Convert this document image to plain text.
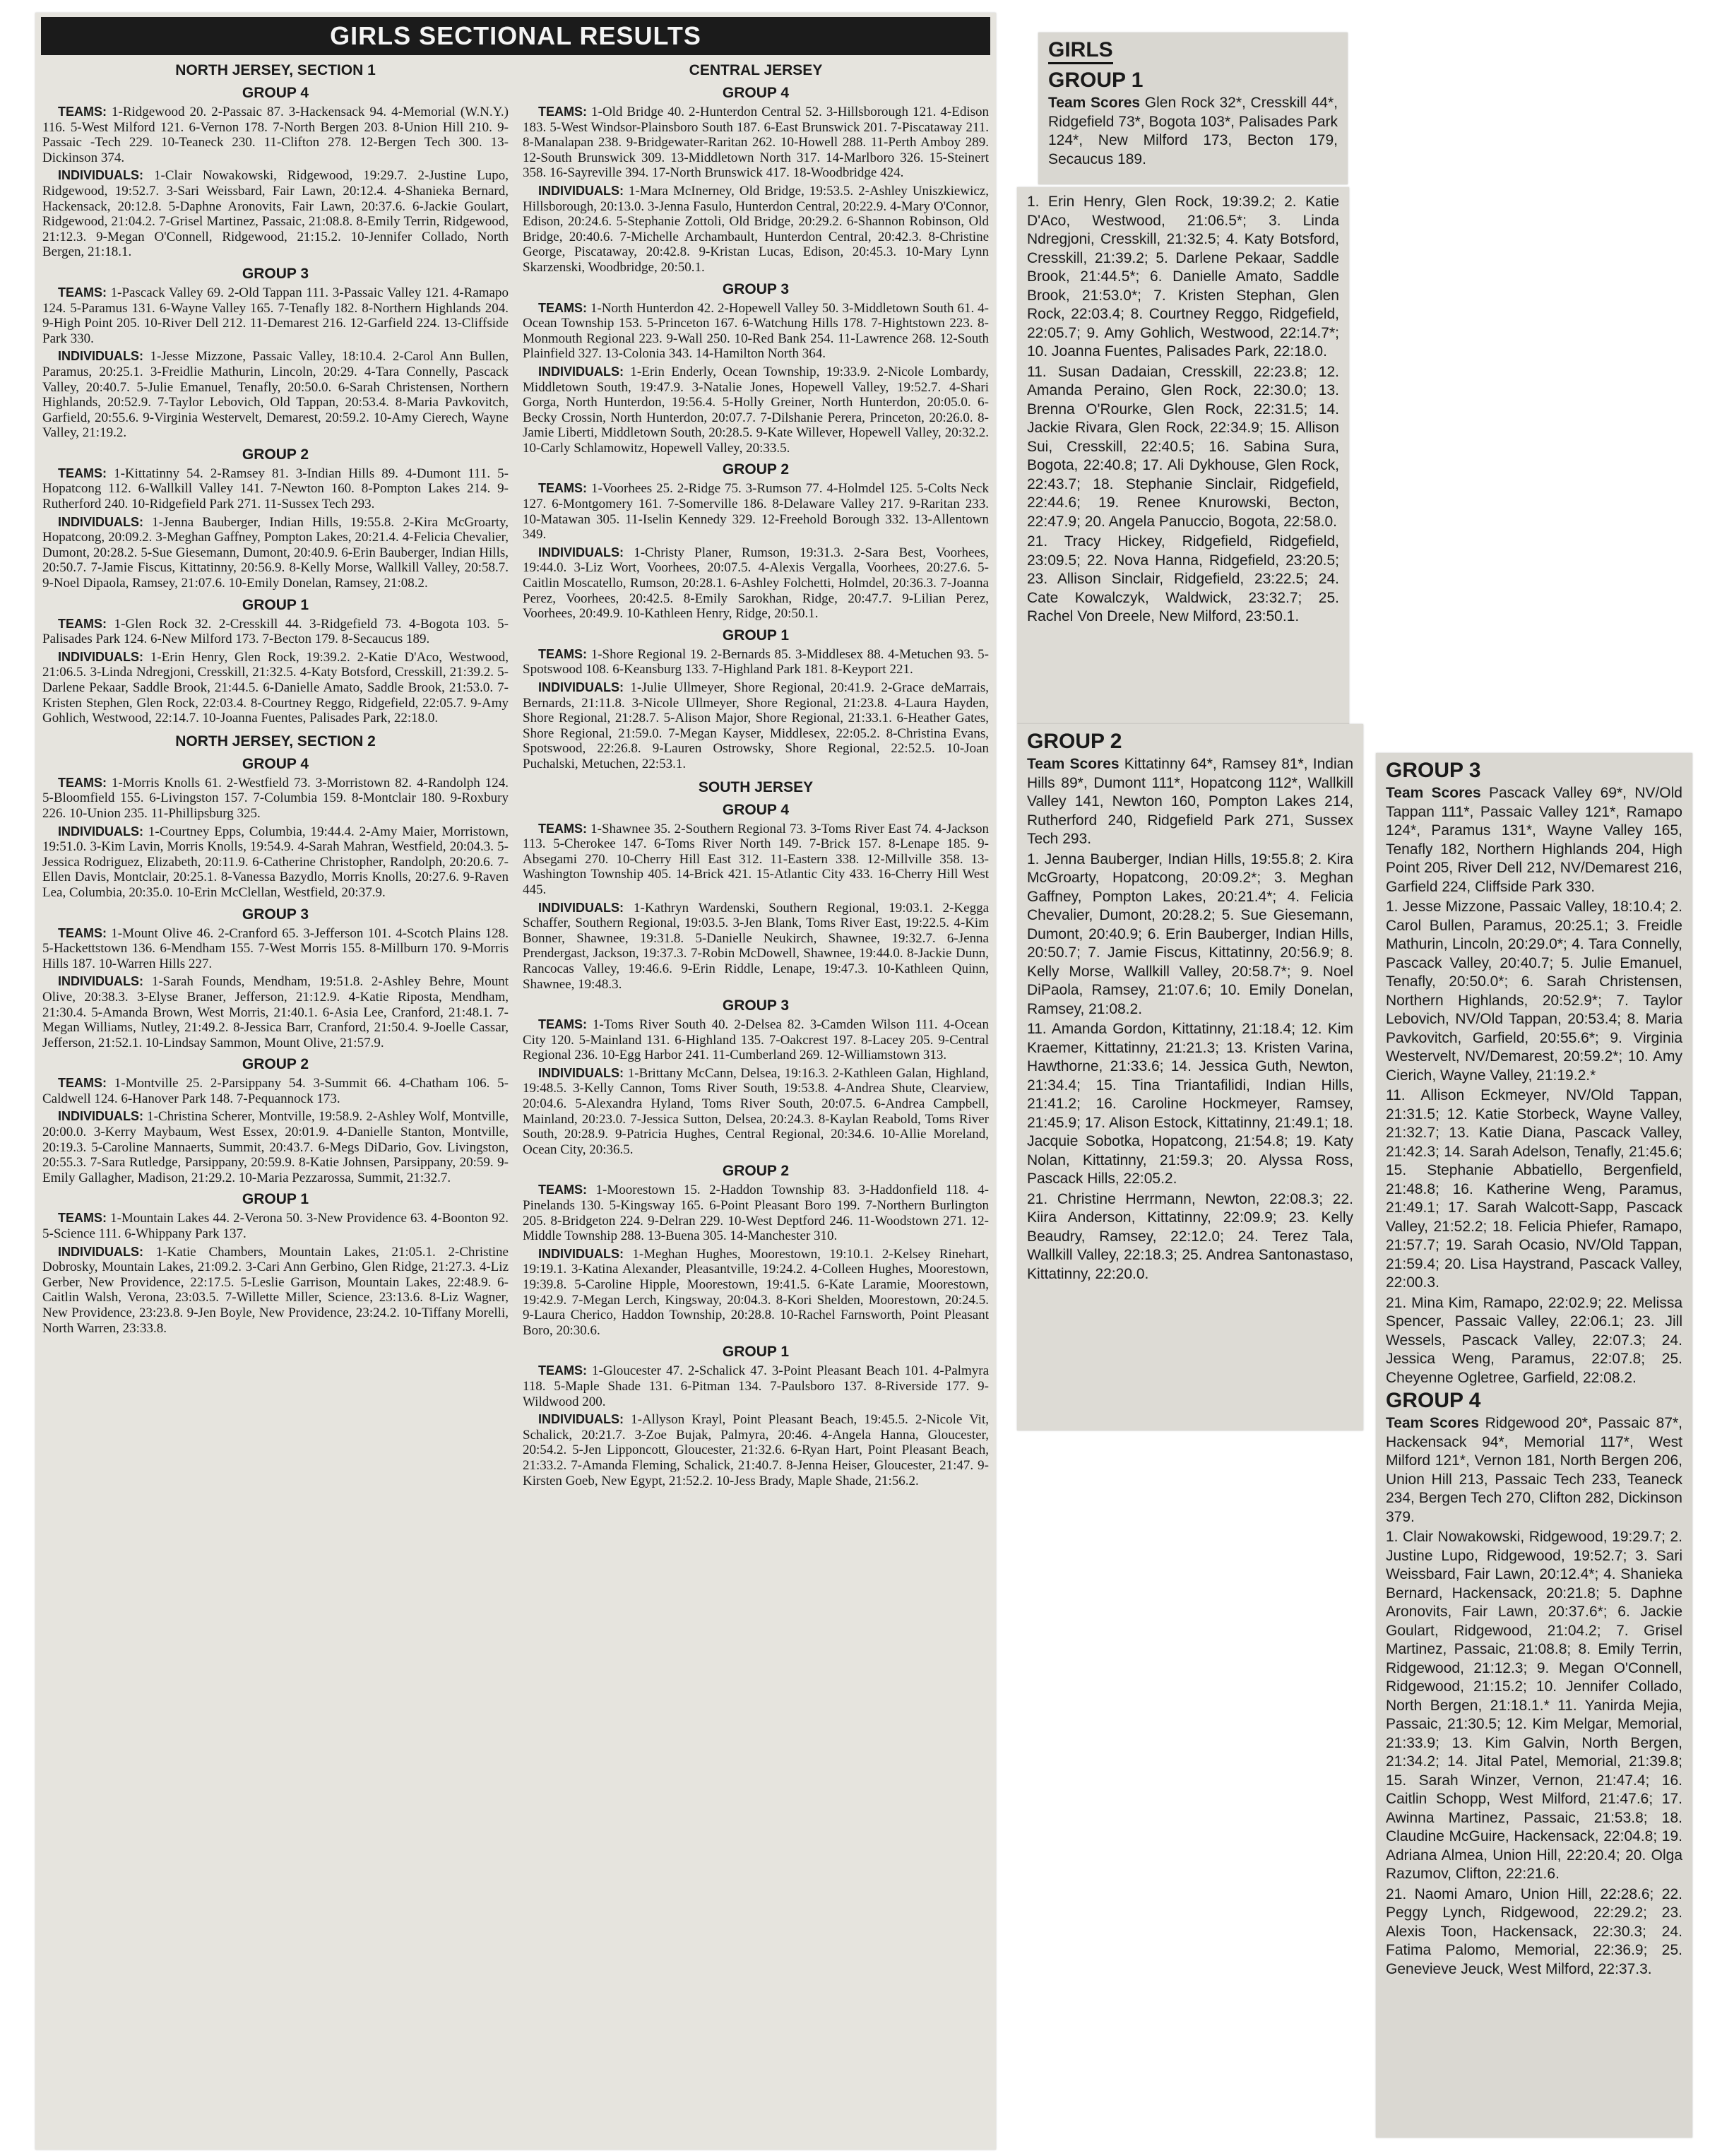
GIRLS SECTIONAL RESULTS
NORTH JERSEY, SECTION 1
GROUP 4

TEAMS: 1-Ridgewood 20. 2-Passaic 87. 3-Hackensack 94. 4-Memorial (W.N.Y.) 116. 5-West Milford 121. 6-Vernon 178. 7-North Bergen 203. 8-Union Hill 210. 9-Passaic -Tech 229. 10-Teaneck 230. 11-Clifton 278. 12-Bergen Tech 300. 13-Dickinson 374.

INDIVIDUALS: 1-Clair Nowakowski, Ridgewood, 19:29.7. 2-Justine Lupo, Ridgewood, 19:52.7. 3-Sari Weissbard, Fair Lawn, 20:12.4. 4-Shanieka Bernard, Hackensack, 20:12.8. 5-Daphne Aronovits, Fair Lawn, 20:37.6. 6-Jackie Goulart, Ridgewood, 21:04.2. 7-Grisel Martinez, Passaic, 21:08.8. 8-Emily Terrin, Ridgewood, 21:12.3. 9-Megan O'Connell, Ridgewood, 21:15.2. 10-Jennifer Collado, North Bergen, 21:18.1.

GROUP 3

TEAMS: 1-Pascack Valley 69. 2-Old Tappan 111. 3-Passaic Valley 121. 4-Ramapo 124. 5-Paramus 131. 6-Wayne Valley 165. 7-Tenafly 182. 8-Northern Highlands 204. 9-High Point 205. 10-River Dell 212. 11-Demarest 216. 12-Garfield 224. 13-Cliffside Park 330.

INDIVIDUALS: 1-Jesse Mizzone, Passaic Valley, 18:10.4. 2-Carol Ann Bullen, Paramus, 20:25.1. 3-Freidlie Mathurin, Lincoln, 20:29. 4-Tara Connelly, Pascack Valley, 20:40.7. 5-Julie Emanuel, Tenafly, 20:50.0. 6-Sarah Christensen, Northern Highlands, 20:52.9. 7-Taylor Lebovich, Old Tappan, 20:53.4. 8-Maria Pavkovitch, Garfield, 20:55.6. 9-Virginia Westervelt, Demarest, 20:59.2. 10-Amy Cierech, Wayne Valley, 21:19.2.

GROUP 2

TEAMS: 1-Kittatinny 54. 2-Ramsey 81. 3-Indian Hills 89. 4-Dumont 111. 5-Hopatcong 112. 6-Wallkill Valley 141. 7-Newton 160. 8-Pompton Lakes 214. 9-Rutherford 240. 10-Ridgefield Park 271. 11-Sussex Tech 293.

INDIVIDUALS: 1-Jenna Bauberger, Indian Hills, 19:55.8. 2-Kira McGroarty, Hopatcong, 20:09.2. 3-Meghan Gaffney, Pompton Lakes, 20:21.4. 4-Felicia Chevalier, Dumont, 20:28.2. 5-Sue Giesemann, Dumont, 20:40.9. 6-Erin Bauberger, Indian Hills, 20:50.7. 7-Jamie Fiscus, Kittatinny, 20:56.9. 8-Kelly Morse, Wallkill Valley, 20:58.7. 9-Noel Dipaola, Ramsey, 21:07.6. 10-Emily Donelan, Ramsey, 21:08.2.

GROUP 1

TEAMS: 1-Glen Rock 32. 2-Cresskill 44. 3-Ridgefield 73. 4-Bogota 103. 5-Palisades Park 124. 6-New Milford 173. 7-Becton 179. 8-Secaucus 189.

INDIVIDUALS: 1-Erin Henry, Glen Rock, 19:39.2. 2-Katie D'Aco, Westwood, 21:06.5. 3-Linda Ndregjoni, Cresskill, 21:32.5. 4-Katy Botsford, Cresskill, 21:39.2. 5-Darlene Pekaar, Saddle Brook, 21:44.5. 6-Danielle Amato, Saddle Brook, 21:53.0. 7-Kristen Stephen, Glen Rock, 22:03.4. 8-Courtney Reggo, Ridgefield, 22:05.7. 9-Amy Gohlich, Westwood, 22:14.7. 10-Joanna Fuentes, Palisades Park, 22:18.0.

NORTH JERSEY, SECTION 2
GROUP 4

TEAMS: 1-Morris Knolls 61. 2-Westfield 73. 3-Morristown 82. 4-Randolph 124. 5-Bloomfield 155. 6-Livingston 157. 7-Columbia 159. 8-Montclair 180. 9-Roxbury 226. 10-Union 235. 11-Phillipsburg 325.

INDIVIDUALS: 1-Courtney Epps, Columbia, 19:44.4. 2-Amy Maier, Morristown, 19:51.0. 3-Kim Lavin, Morris Knolls, 19:54.9. 4-Sarah Mahran, Westfield, 20:04.3. 5-Jessica Rodriguez, Elizabeth, 20:11.9. 6-Catherine Christopher, Randolph, 20:20.6. 7-Ellen Davis, Montclair, 20:25.1. 8-Vanessa Bazydlo, Morris Knolls, 20:27.6. 9-Raven Lea, Columbia, 20:35.0. 10-Erin McClellan, Westfield, 20:37.9.

GROUP 3

TEAMS: 1-Mount Olive 46. 2-Cranford 65. 3-Jefferson 101. 4-Scotch Plains 128. 5-Hackettstown 136. 6-Mendham 155. 7-West Morris 155. 8-Millburn 170. 9-Morris Hills 187. 10-Warren Hills 227.

INDIVIDUALS: 1-Sarah Founds, Mendham, 19:51.8. 2-Ashley Behre, Mount Olive, 20:38.3. 3-Elyse Braner, Jefferson, 21:12.9. 4-Katie Riposta, Mendham, 21:30.4. 5-Amanda Brown, West Morris, 21:40.1. 6-Asia Lee, Cranford, 21:48.1. 7-Megan Williams, Nutley, 21:49.2. 8-Jessica Barr, Cranford, 21:50.4. 9-Joelle Cassar, Jefferson, 21:52.1. 10-Lindsay Sammon, Mount Olive, 21:57.9.

GROUP 2

TEAMS: 1-Montville 25. 2-Parsippany 54. 3-Summit 66. 4-Chatham 106. 5-Caldwell 124. 6-Hanover Park 148. 7-Pequannock 173.

INDIVIDUALS: 1-Christina Scherer, Montville, 19:58.9. 2-Ashley Wolf, Montville, 20:00.0. 3-Kerry Maybaum, West Essex, 20:01.9. 4-Danielle Stanton, Montville, 20:19.3. 5-Caroline Mannaerts, Summit, 20:43.7. 6-Megs DiDario, Gov. Livingston, 20:55.3. 7-Sara Rutledge, Parsippany, 20:59.9. 8-Katie Johnsen, Parsippany, 20:59. 9-Emily Gallagher, Madison, 21:29.2. 10-Maria Pezzarossa, Summit, 21:32.7.

GROUP 1

TEAMS: 1-Mountain Lakes 44. 2-Verona 50. 3-New Providence 63. 4-Boonton 92. 5-Science 111. 6-Whippany Park 137.

INDIVIDUALS: 1-Katie Chambers, Mountain Lakes, 21:05.1. 2-Christine Dobrosky, Mountain Lakes, 21:09.2. 3-Cari Ann Gerbino, Glen Ridge, 21:27.3. 4-Liz Gerber, New Providence, 22:17.5. 5-Leslie Garrison, Mountain Lakes, 22:48.9. 6-Caitlin Walsh, Verona, 23:03.5. 7-Willette Miller, Science, 23:13.6. 8-Liz Wagner, New Providence, 23:23.8. 9-Jen Boyle, New Providence, 23:24.2. 10-Tiffany Morelli, North Warren, 23:33.8.

CENTRAL JERSEY
GROUP 4

TEAMS: 1-Old Bridge 40. 2-Hunterdon Central 52. 3-Hillsborough 121. 4-Edison 183. 5-West Windsor-Plainsboro South 187. 6-East Brunswick 201. 7-Piscataway 211. 8-Manalapan 238. 9-Bridgewater-Raritan 262. 10-Howell 288. 11-Perth Amboy 289. 12-South Brunswick 309. 13-Middletown North 317. 14-Marlboro 326. 15-Steinert 358. 16-Sayreville 394. 17-North Brunswick 417. 18-Woodbridge 424.

INDIVIDUALS: 1-Mara McInerney, Old Bridge, 19:53.5. 2-Ashley Uniszkiewicz, Hillsborough, 20:13.0. 3-Jenna Fasulo, Hunterdon Central, 20:22.9. 4-Mary O'Connor, Edison, 20:24.6. 5-Stephanie Zottoli, Old Bridge, 20:29.2. 6-Shannon Robinson, Old Bridge, 20:40.6. 7-Michelle Archambault, Hunterdon Central, 20:42.3. 8-Christine George, Piscataway, 20:42.8. 9-Kristan Lucas, Edison, 20:45.3. 10-Mary Lynn Skarzenski, Woodbridge, 20:50.1.

GROUP 3

TEAMS: 1-North Hunterdon 42. 2-Hopewell Valley 50. 3-Middletown South 61. 4-Ocean Township 153. 5-Princeton 167. 6-Watchung Hills 178. 7-Hightstown 223. 8-Monmouth Regional 223. 9-Wall 250. 10-Red Bank 254. 11-Lawrence 268. 12-South Plainfield 327. 13-Colonia 343. 14-Hamilton North 364.

INDIVIDUALS: 1-Erin Enderly, Ocean Township, 19:33.9. 2-Nicole Lombardy, Middletown South, 19:47.9. 3-Natalie Jones, Hopewell Valley, 19:52.7. 4-Shari Gorga, North Hunterdon, 19:56.4. 5-Holly Greiner, North Hunterdon, 20:05.0. 6-Becky Crossin, North Hunterdon, 20:07.7. 7-Dilshanie Perera, Princeton, 20:26.0. 8-Jamie Liberti, Middletown South, 20:28.5. 9-Kate Willever, Hopewell Valley, 20:32.2. 10-Carly Schlamowitz, Hopewell Valley, 20:33.5.

GROUP 2

TEAMS: 1-Voorhees 25. 2-Ridge 75. 3-Rumson 77. 4-Holmdel 125. 5-Colts Neck 127. 6-Montgomery 161. 7-Somerville 186. 8-Delaware Valley 217. 9-Raritan 233. 10-Matawan 305. 11-Iselin Kennedy 329. 12-Freehold Borough 332. 13-Allentown 349.

INDIVIDUALS: 1-Christy Planer, Rumson, 19:31.3. 2-Sara Best, Voorhees, 19:44.0. 3-Liz Wort, Voorhees, 20:07.5. 4-Alexis Vergalla, Voorhees, 20:27.6. 5-Caitlin Moscatello, Rumson, 20:28.1. 6-Ashley Folchetti, Holmdel, 20:36.3. 7-Joanna Perez, Voorhees, 20:42.5. 8-Emily Sarokhan, Ridge, 20:47.7. 9-Lilian Perez, Voorhees, 20:49.9. 10-Kathleen Henry, Ridge, 20:50.1.

GROUP 1

TEAMS: 1-Shore Regional 19. 2-Bernards 85. 3-Middlesex 88. 4-Metuchen 93. 5-Spotswood 108. 6-Keansburg 133. 7-Highland Park 181. 8-Keyport 221.

INDIVIDUALS: 1-Julie Ullmeyer, Shore Regional, 20:41.9. 2-Grace deMarrais, Bernards, 21:11.8. 3-Nicole Ullmeyer, Shore Regional, 21:23.8. 4-Laura Hayden, Shore Regional, 21:28.7. 5-Alison Major, Shore Regional, 21:33.1. 6-Heather Gates, Shore Regional, 21:59.0. 7-Megan Kayser, Middlesex, 22:05.2. 8-Christina Evans, Spotswood, 22:26.8. 9-Lauren Ostrowsky, Shore Regional, 22:52.5. 10-Joan Puchalski, Metuchen, 22:53.1.

SOUTH JERSEY
GROUP 4

TEAMS: 1-Shawnee 35. 2-Southern Regional 73. 3-Toms River East 74. 4-Jackson 113. 5-Cherokee 147. 6-Toms River North 149. 7-Brick 157. 8-Lenape 185. 9-Absegami 270. 10-Cherry Hill East 312. 11-Eastern 338. 12-Millville 358. 13-Washington Township 405. 14-Brick 421. 15-Atlantic City 433. 16-Cherry Hill West 445.

INDIVIDUALS: 1-Kathryn Wardenski, Southern Regional, 19:03.1. 2-Kegga Schaffer, Southern Regional, 19:03.5. 3-Jen Blank, Toms River East, 19:22.5. 4-Kim Bonner, Shawnee, 19:31.8. 5-Danielle Neukirch, Shawnee, 19:32.7. 6-Jenna Prendergast, Jackson, 19:37.3. 7-Robin McDowell, Shawnee, 19:44.0. 8-Jackie Dunn, Rancocas Valley, 19:46.6. 9-Erin Riddle, Lenape, 19:47.3. 10-Kathleen Quinn, Shawnee, 19:48.3.

GROUP 3

TEAMS: 1-Toms River South 40. 2-Delsea 82. 3-Camden Wilson 111. 4-Ocean City 120. 5-Mainland 131. 6-Highland 135. 7-Oakcrest 197. 8-Lacey 205. 9-Central Regional 236. 10-Egg Harbor 241. 11-Cumberland 269. 12-Williamstown 313.

INDIVIDUALS: 1-Brittany McCann, Delsea, 19:16.3. 2-Kathleen Galan, Highland, 19:48.5. 3-Kelly Cannon, Toms River South, 19:53.8. 4-Andrea Shute, Clearview, 20:04.6. 5-Alexandra Hyland, Toms River South, 20:07.5. 6-Andrea Campbell, Mainland, 20:23.0. 7-Jessica Sutton, Delsea, 20:24.3. 8-Kaylan Reabold, Toms River South, 20:28.9. 9-Patricia Hughes, Central Regional, 20:34.6. 10-Allie Moreland, Ocean City, 20:36.5.

GROUP 2

TEAMS: 1-Moorestown 15. 2-Haddon Township 83. 3-Haddonfield 118. 4-Pinelands 130. 5-Kingsway 165. 6-Point Pleasant Boro 199. 7-Northern Burlington 205. 8-Bridgeton 224. 9-Delran 229. 10-West Deptford 246. 11-Woodstown 271. 12-Middle Township 288. 13-Buena 305. 14-Manchester 310.

INDIVIDUALS: 1-Meghan Hughes, Moorestown, 19:10.1. 2-Kelsey Rinehart, 19:19.1. 3-Katina Alexander, Pleasantville, 19:24.2. 4-Colleen Hughes, Moorestown, 19:39.8. 5-Caroline Hipple, Moorestown, 19:41.5. 6-Kate Laramie, Moorestown, 19:42.9. 7-Megan Lerch, Kingsway, 20:04.3. 8-Kori Shelden, Moorestown, 20:24.5. 9-Laura Cherico, Haddon Township, 20:28.8. 10-Rachel Farnsworth, Point Pleasant Boro, 20:30.6.

GROUP 1

TEAMS: 1-Gloucester 47. 2-Schalick 47. 3-Point Pleasant Beach 101. 4-Palmyra 118. 5-Maple Shade 131. 6-Pitman 134. 7-Paulsboro 137. 8-Riverside 177. 9-Wildwood 200.

INDIVIDUALS: 1-Allyson Krayl, Point Pleasant Beach, 19:45.5. 2-Nicole Vit, Schalick, 20:21.7. 3-Zoe Bujak, Palmyra, 20:46. 4-Angela Hanna, Gloucester, 20:54.2. 5-Jen Lipponcott, Gloucester, 21:32.6. 6-Ryan Hart, Point Pleasant Beach, 21:33.2. 7-Amanda Fleming, Schalick, 21:40.7. 8-Jenna Heiser, Gloucester, 21:47. 9-Kirsten Goeb, New Egypt, 21:52.2. 10-Jess Brady, Maple Shade, 21:56.2.

GIRLS
GROUP 1

Team Scores Glen Rock 32*, Cresskill 44*, Ridgefield 73*, Bogota 103*, Palisades Park 124*, New Milford 173, Becton 179, Secaucus 189.

1. Erin Henry, Glen Rock, 19:39.2; 2. Katie D'Aco, Westwood, 21:06.5*; 3. Linda Ndregjoni, Cresskill, 21:32.5; 4. Katy Botsford, Cresskill, 21:39.2; 5. Darlene Pekaar, Saddle Brook, 21:44.5*; 6. Danielle Amato, Saddle Brook, 21:53.0*; 7. Kristen Stephan, Glen Rock, 22:03.4; 8. Courtney Reggo, Ridgefield, 22:05.7; 9. Amy Gohlich, Westwood, 22:14.7*; 10. Joanna Fuentes, Palisades Park, 22:18.0.

11. Susan Dadaian, Cresskill, 22:23.8; 12. Amanda Peraino, Glen Rock, 22:30.0; 13. Brenna O'Rourke, Glen Rock, 22:31.5; 14. Jackie Rivara, Glen Rock, 22:34.9; 15. Allison Sui, Cresskill, 22:40.5; 16. Sabina Sura, Bogota, 22:40.8; 17. Ali Dykhouse, Glen Rock, 22:43.7; 18. Stephanie Sinclair, Ridgefield, 22:44.6; 19. Renee Knurowski, Becton, 22:47.9; 20. Angela Panuccio, Bogota, 22:58.0.

21. Tracy Hickey, Ridgefield, Ridgefield, 23:09.5; 22. Nova Hanna, Ridgefield, 23:20.5; 23. Allison Sinclair, Ridgefield, 23:22.5; 24. Cate Kowalczyk, Waldwick, 23:32.7; 25. Rachel Von Dreele, New Milford, 23:50.1.

GROUP 2

Team Scores Kittatinny 64*, Ramsey 81*, Indian Hills 89*, Dumont 111*, Hopatcong 112*, Wallkill Valley 141, Newton 160, Pompton Lakes 214, Rutherford 240, Ridgefield Park 271, Sussex Tech 293.

1. Jenna Bauberger, Indian Hills, 19:55.8; 2. Kira McGroarty, Hopatcong, 20:09.2*; 3. Meghan Gaffney, Pompton Lakes, 20:21.4*; 4. Felicia Chevalier, Dumont, 20:28.2; 5. Sue Giesemann, Dumont, 20:40.9; 6. Erin Bauberger, Indian Hills, 20:50.7; 7. Jamie Fiscus, Kittatinny, 20:56.9; 8. Kelly Morse, Wallkill Valley, 20:58.7*; 9. Noel DiPaola, Ramsey, 21:07.6; 10. Emily Donelan, Ramsey, 21:08.2.

11. Amanda Gordon, Kittatinny, 21:18.4; 12. Kim Kraemer, Kittatinny, 21:21.3; 13. Kristen Varina, Hawthorne, 21:33.6; 14. Jessica Guth, Newton, 21:34.4; 15. Tina Triantafilidi, Indian Hills, 21:41.2; 16. Caroline Hockmeyer, Ramsey, 21:45.9; 17. Alison Estock, Kittatinny, 21:49.1; 18. Jacquie Sobotka, Hopatcong, 21:54.8; 19. Katy Nolan, Kittatinny, 21:59.3; 20. Alyssa Ross, Pascack Hills, 22:05.2.

21. Christine Herrmann, Newton, 22:08.3; 22. Kiira Anderson, Kittatinny, 22:09.9; 23. Kelly Beaudry, Ramsey, 22:12.0; 24. Terez Tala, Wallkill Valley, 22:18.3; 25. Andrea Santonastaso, Kittatinny, 22:20.0.

GROUP 3

Team Scores Pascack Valley 69*, NV/Old Tappan 111*, Passaic Valley 121*, Ramapo 124*, Paramus 131*, Wayne Valley 165, Tenafly 182, Northern Highlands 204, High Point 205, River Dell 212, NV/Demarest 216, Garfield 224, Cliffside Park 330.

1. Jesse Mizzone, Passaic Valley, 18:10.4; 2. Carol Bullen, Paramus, 20:25.1; 3. Freidle Mathurin, Lincoln, 20:29.0*; 4. Tara Connelly, Pascack Valley, 20:40.7; 5. Julie Emanuel, Tenafly, 20:50.0*; 6. Sarah Christensen, Northern Highlands, 20:52.9*; 7. Taylor Lebovich, NV/Old Tappan, 20:53.4; 8. Maria Pavkovitch, Garfield, 20:55.6*; 9. Virginia Westervelt, NV/Demarest, 20:59.2*; 10. Amy Cierich, Wayne Valley, 21:19.2.*

11. Allison Eckmeyer, NV/Old Tappan, 21:31.5; 12. Katie Storbeck, Wayne Valley, 21:32.7; 13. Katie Diana, Pascack Valley, 21:42.3; 14. Sarah Adelson, Tenafly, 21:45.6; 15. Stephanie Abbatiello, Bergenfield, 21:48.8; 16. Katherine Weng, Paramus, 21:49.1; 17. Sarah Walcott-Sapp, Pascack Valley, 21:52.2; 18. Felicia Phiefer, Ramapo, 21:57.7; 19. Sarah Ocasio, NV/Old Tappan, 21:59.4; 20. Lisa Haystrand, Pascack Valley, 22:00.3.

21. Mina Kim, Ramapo, 22:02.9; 22. Melissa Spencer, Passaic Valley, 22:06.1; 23. Jill Wessels, Pascack Valley, 22:07.3; 24. Jessica Weng, Paramus, 22:07.8; 25. Cheyenne Ogletree, Garfield, 22:08.2.

GROUP 4

Team Scores Ridgewood 20*, Passaic 87*, Hackensack 94*, Memorial 117*, West Milford 121*, Vernon 181, North Bergen 206, Union Hill 213, Passaic Tech 233, Teaneck 234, Bergen Tech 270, Clifton 282, Dickinson 379.

1. Clair Nowakowski, Ridgewood, 19:29.7; 2. Justine Lupo, Ridgewood, 19:52.7; 3. Sari Weissbard, Fair Lawn, 20:12.4*; 4. Shanieka Bernard, Hackensack, 20:21.8; 5. Daphne Aronovits, Fair Lawn, 20:37.6*; 6. Jackie Goulart, Ridgewood, 21:04.2; 7. Grisel Martinez, Passaic, 21:08.8; 8. Emily Terrin, Ridgewood, 21:12.3; 9. Megan O'Connell, Ridgewood, 21:15.2; 10. Jennifer Collado, North Bergen, 21:18.1.* 11. Yanirda Mejia, Passaic, 21:30.5; 12. Kim Melgar, Memorial, 21:33.9; 13. Kim Galvin, North Bergen, 21:34.2; 14. Jital Patel, Memorial, 21:39.8; 15. Sarah Winzer, Vernon, 21:47.4; 16. Caitlin Schopp, West Milford, 21:47.6; 17. Awinna Martinez, Passaic, 21:53.8; 18. Claudine McGuire, Hackensack, 22:04.8; 19. Adriana Almea, Union Hill, 22:20.4; 20. Olga Razumov, Clifton, 22:21.6.

21. Naomi Amaro, Union Hill, 22:28.6; 22. Peggy Lynch, Ridgewood, 22:29.2; 23. Alexis Toon, Hackensack, 22:30.3; 24. Fatima Palomo, Memorial, 22:36.9; 25. Genevieve Jeuck, West Milford, 22:37.3.
